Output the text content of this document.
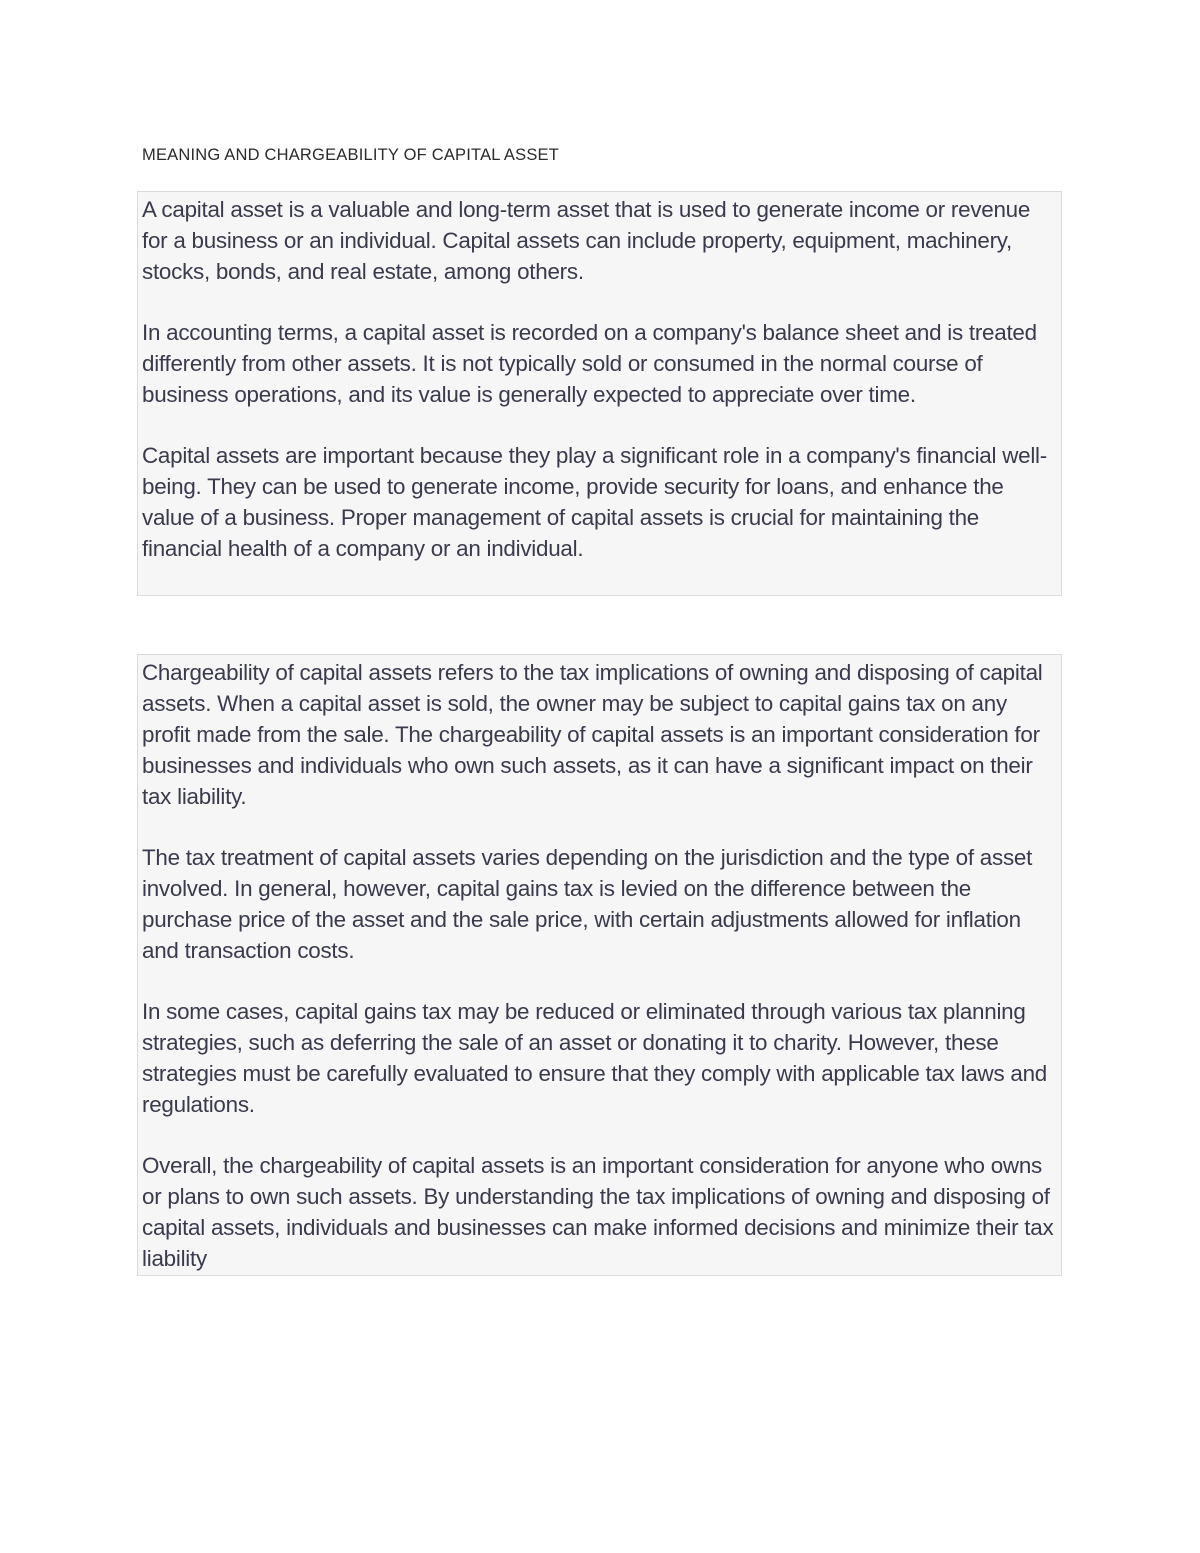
MEANING AND CHARGEABILITY OF CAPITAL ASSET

A capital asset is a valuable and long-term asset that is used to generate income or revenue for a business or an individual. Capital assets can include property, equipment, machinery, stocks, bonds, and real estate, among others.

In accounting terms, a capital asset is recorded on a company's balance sheet and is treated differently from other assets. It is not typically sold or consumed in the normal course of business operations, and its value is generally expected to appreciate over time.

Capital assets are important because they play a significant role in a company's financial well-being. They can be used to generate income, provide security for loans, and enhance the value of a business. Proper management of capital assets is crucial for maintaining the financial health of a company or an individual.

Chargeability of capital assets refers to the tax implications of owning and disposing of capital assets. When a capital asset is sold, the owner may be subject to capital gains tax on any profit made from the sale. The chargeability of capital assets is an important consideration for businesses and individuals who own such assets, as it can have a significant impact on their tax liability.

The tax treatment of capital assets varies depending on the jurisdiction and the type of asset involved. In general, however, capital gains tax is levied on the difference between the purchase price of the asset and the sale price, with certain adjustments allowed for inflation and transaction costs.

In some cases, capital gains tax may be reduced or eliminated through various tax planning strategies, such as deferring the sale of an asset or donating it to charity. However, these strategies must be carefully evaluated to ensure that they comply with applicable tax laws and regulations.

Overall, the chargeability of capital assets is an important consideration for anyone who owns or plans to own such assets. By understanding the tax implications of owning and disposing of capital assets, individuals and businesses can make informed decisions and minimize their tax liability
